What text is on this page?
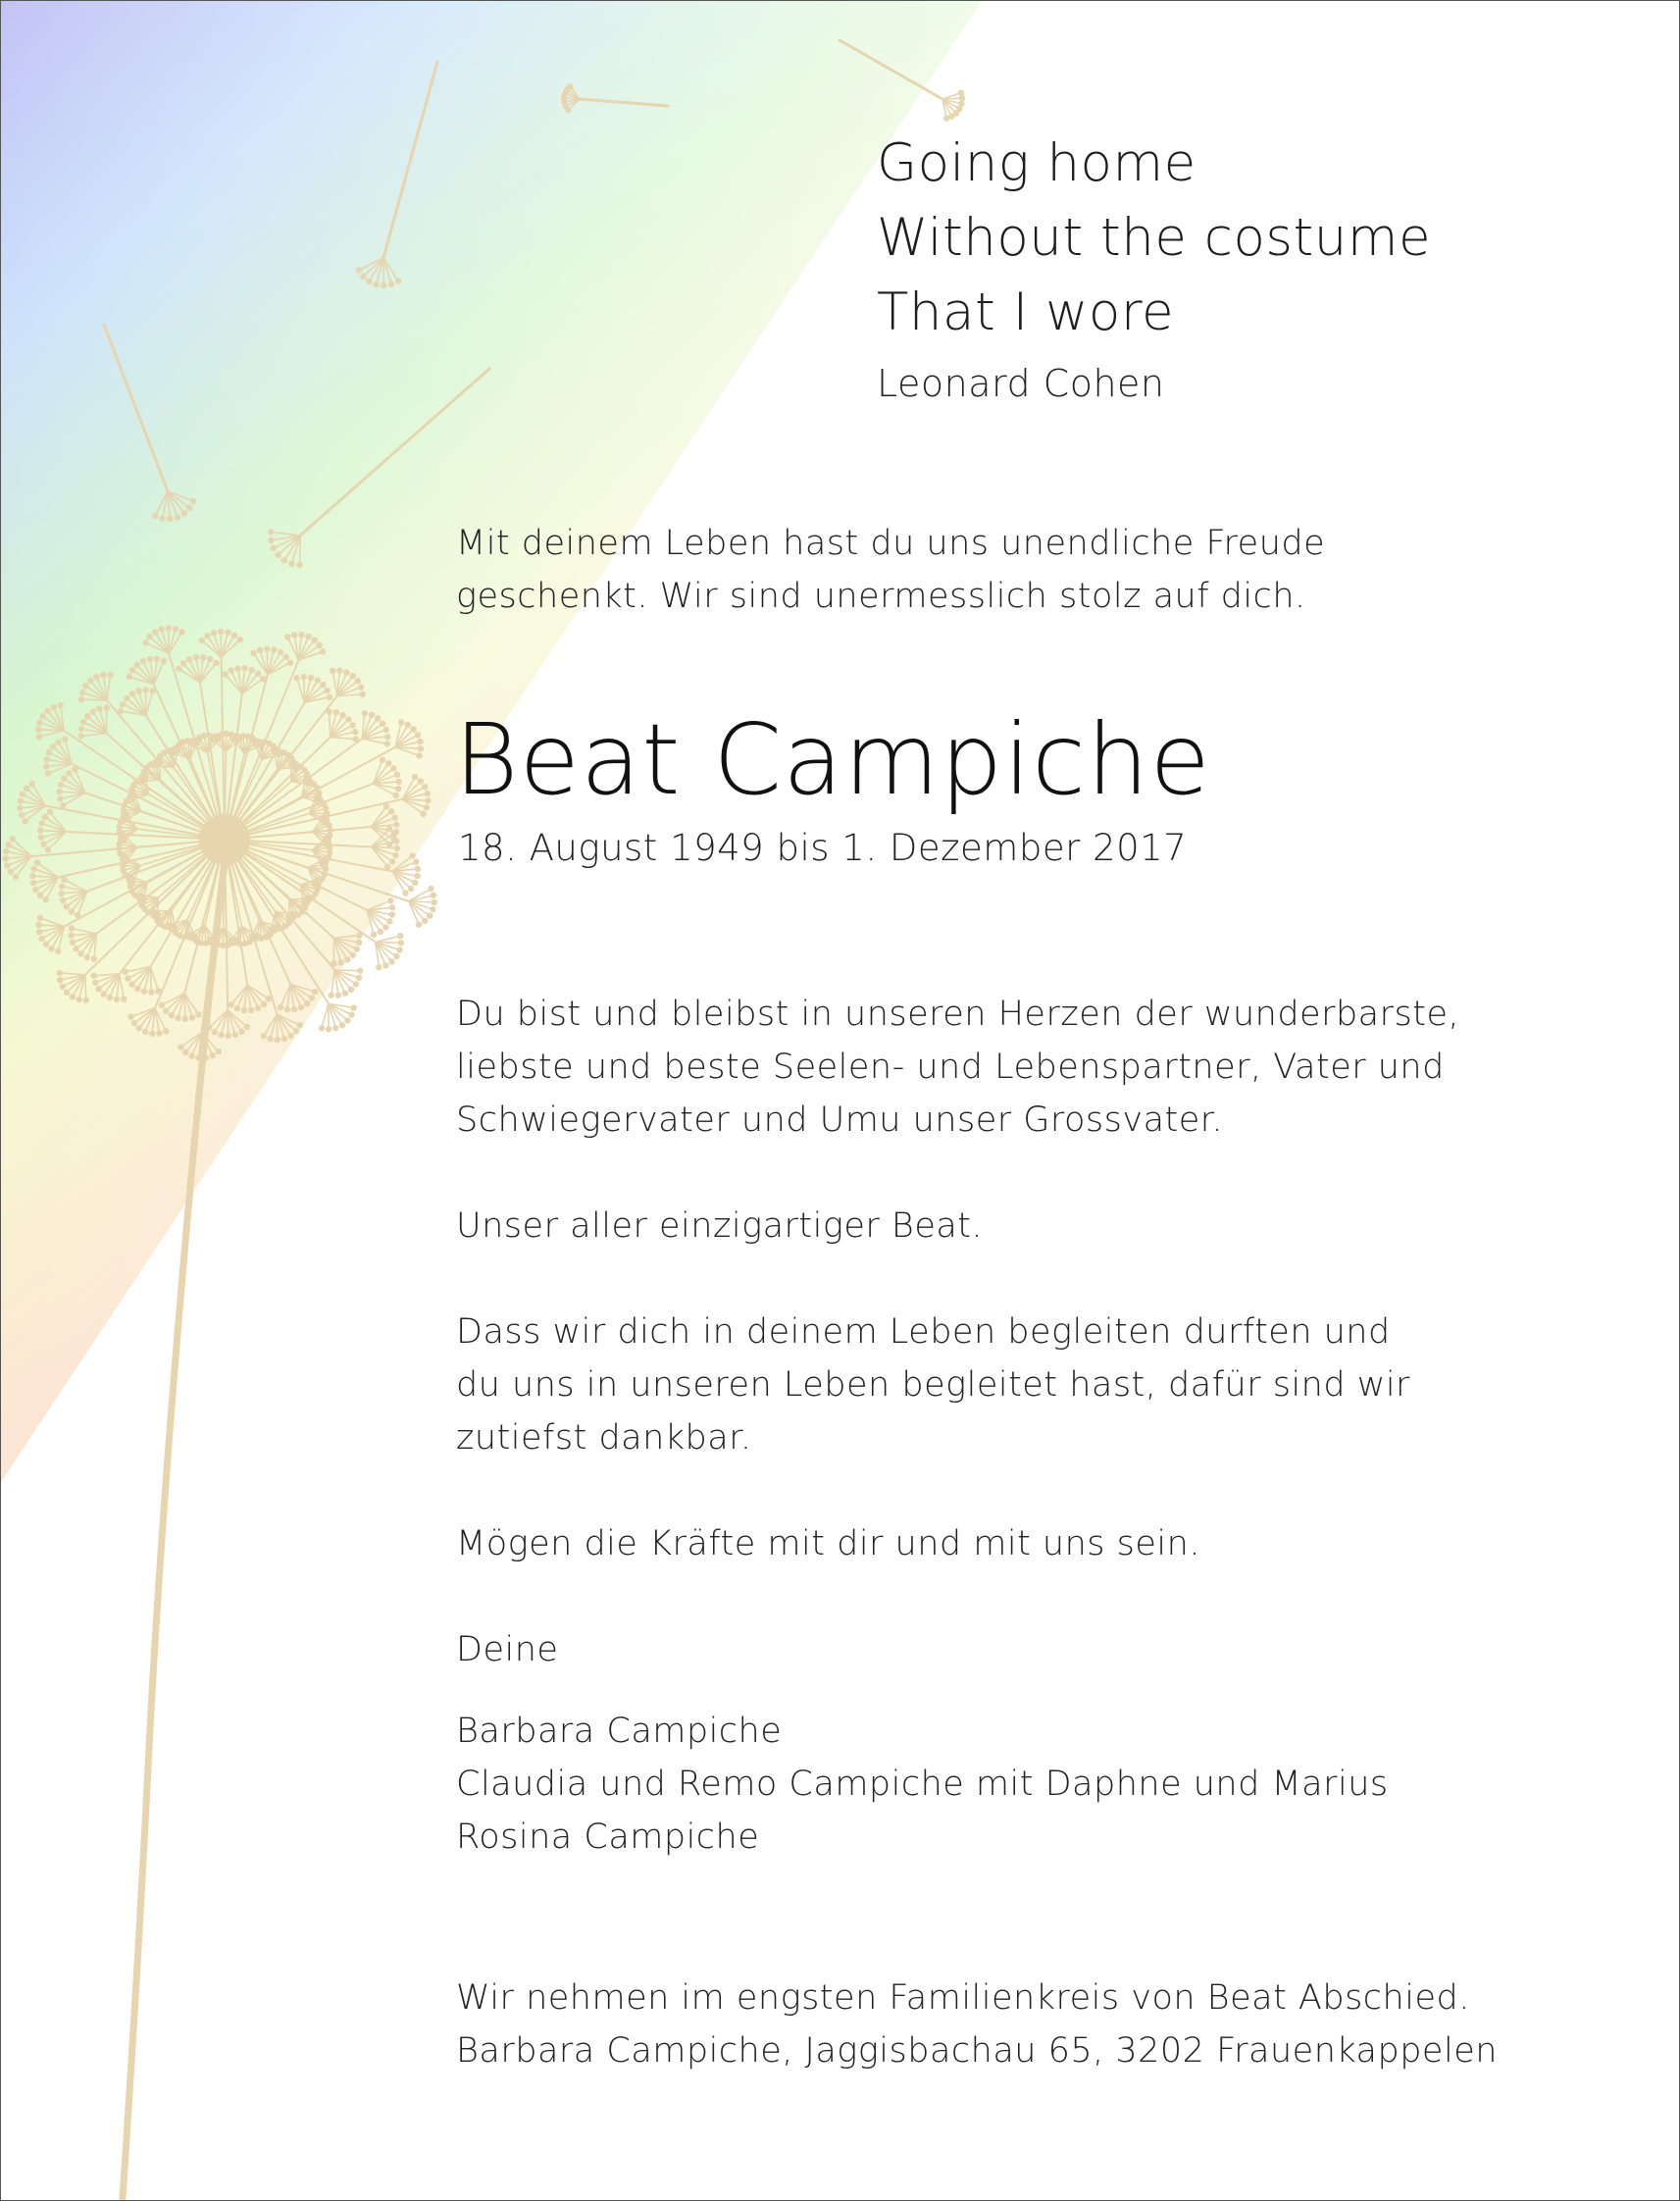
Going home
Without the costume
That I wore
Leonard Cohen
Mit deinem Leben hast du uns unendliche Freude
geschenkt. Wir sind unermesslich stolz auf dich.
Beat Campiche
18. August 1949 bis 1. Dezember 2017
Du bist und bleibst in unseren Herzen der wunderbarste,
liebste und beste Seelen- und Lebenspartner, Vater und
Schwiegervater und Umu unser Grossvater.
Unser aller einzigartiger Beat.
Dass wir dich in deinem Leben begleiten durften und
du uns in unseren Leben begleitet hast, dafür sind wir
zutiefst dankbar.
Mögen die Kräfte mit dir und mit uns sein.
Deine
Barbara Campiche
Claudia und Remo Campiche mit Daphne und Marius
Rosina Campiche
Wir nehmen im engsten Familienkreis von Beat Abschied.
Barbara Campiche, Jaggisbachau 65, 3202 Frauenkappelen
